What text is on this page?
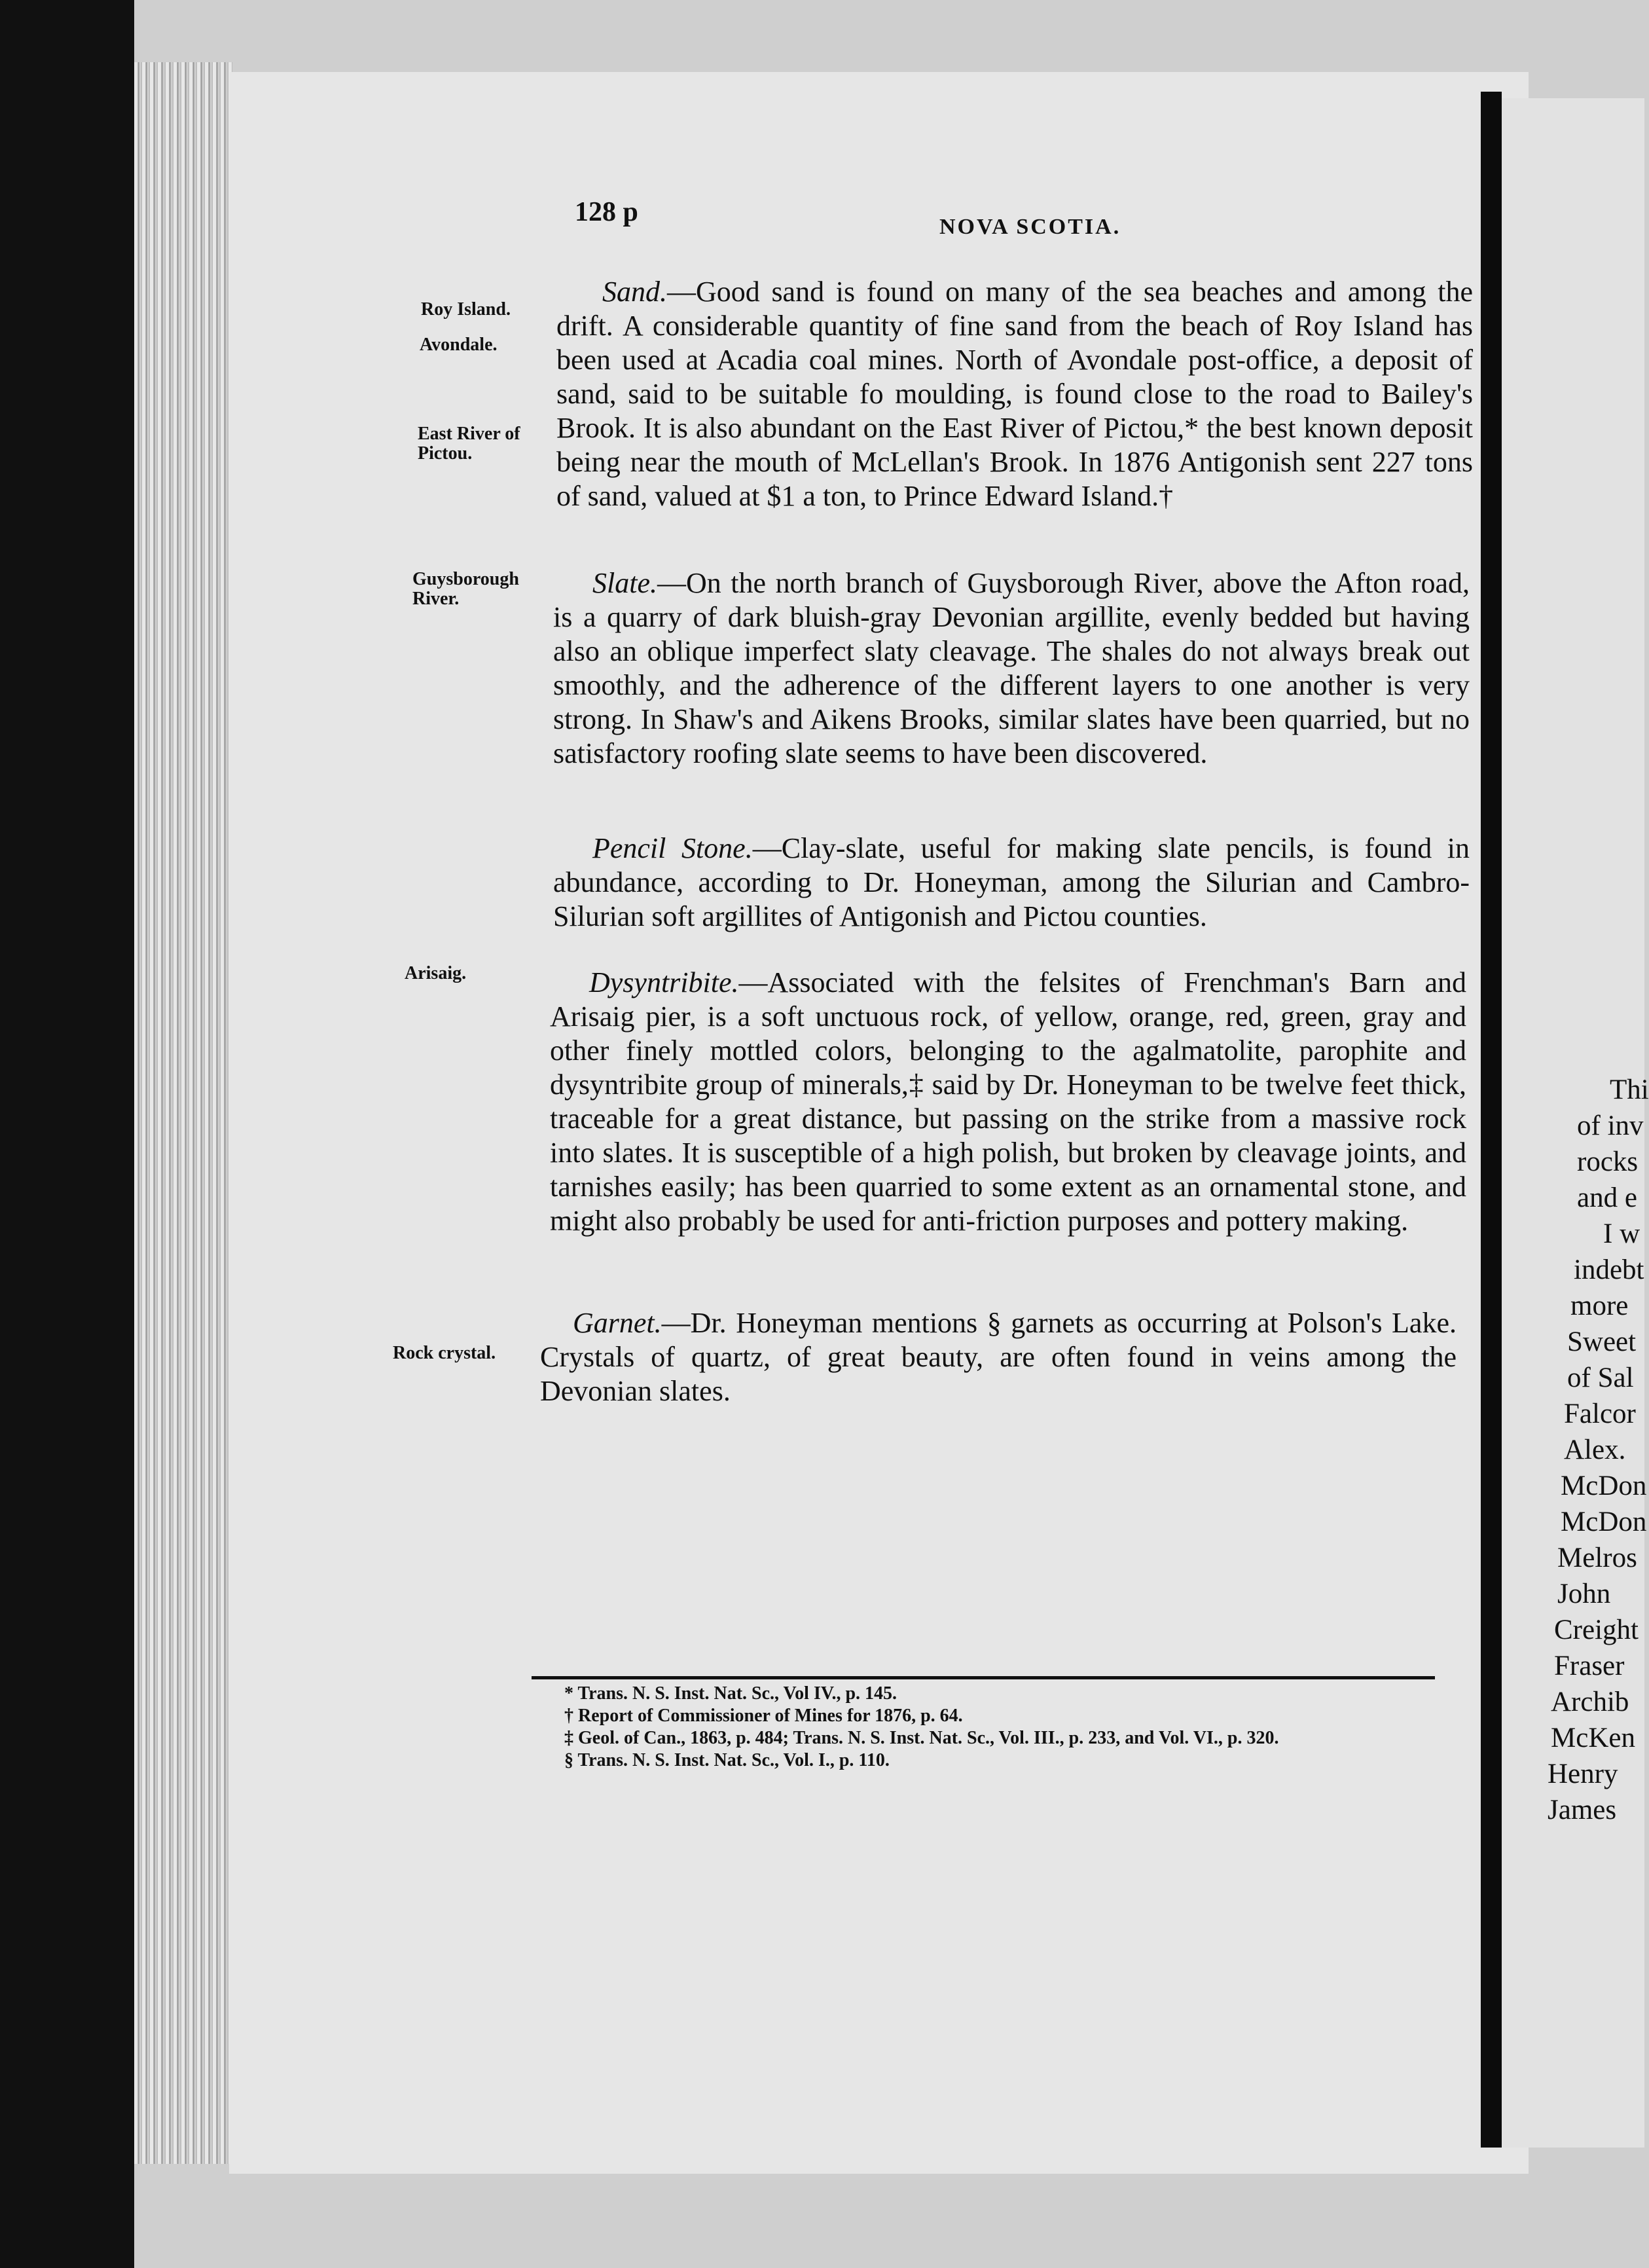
Thi
of inv
rocks
and e
I w
indebt
more
Sweet
of Sal
Falcor
Alex.
McDon
McDon
Melros
John
Creight
Fraser
Archib
McKen
Henry
James
128 p	NOVA SCOTIA.
Roy Island.
Avondale.
East River of
Pictou.
Guysborough
River.
Arisaig.
Rock crystal.
Sand.—Good sand is found on many of the sea beaches and among the drift. A considerable quantity of fine sand from the beach of Roy Island has been used at Acadia coal mines. North of Avondale post-office, a deposit of sand, said to be suitable fo moulding, is found close to the road to Bailey's Brook. It is also abundant on the East River of Pictou,* the best known deposit being near the mouth of McLellan's Brook. In 1876 Antigonish sent 227 tons of sand, valued at $1 a ton, to Prince Edward Island.†
Slate.—On the north branch of Guysborough River, above the Afton road, is a quarry of dark bluish-gray Devonian argillite, evenly bedded but having also an oblique imperfect slaty cleavage. The shales do not always break out smoothly, and the adherence of the different layers to one another is very strong. In Shaw's and Aikens Brooks, similar slates have been quarried, but no satisfactory roofing slate seems to have been discovered.
Pencil Stone.—Clay-slate, useful for making slate pencils, is found in abundance, according to Dr. Honeyman, among the Silurian and Cambro-Silurian soft argillites of Antigonish and Pictou counties.
Dysyntribite.—Associated with the felsites of Frenchman's Barn and Arisaig pier, is a soft unctuous rock, of yellow, orange, red, green, gray and other finely mottled colors, belonging to the agalmatolite, parophite and dysyntribite group of minerals,‡ said by Dr. Honeyman to be twelve feet thick, traceable for a great distance, but passing on the strike from a massive rock into slates. It is susceptible of a high polish, but broken by cleavage joints, and tarnishes easily; has been quarried to some extent as an ornamental stone, and might also probably be used for anti-friction purposes and pottery making.
Garnet.—Dr. Honeyman mentions § garnets as occurring at Polson's Lake. Crystals of quartz, of great beauty, are often found in veins among the Devonian slates.
* Trans. N. S. Inst. Nat. Sc., Vol IV., p. 145.
† Report of Commissioner of Mines for 1876, p. 64.
‡ Geol. of Can., 1863, p. 484; Trans. N. S. Inst. Nat. Sc., Vol. III., p. 233, and Vol. VI., p. 320.
§ Trans. N. S. Inst. Nat. Sc., Vol. I., p. 110.
